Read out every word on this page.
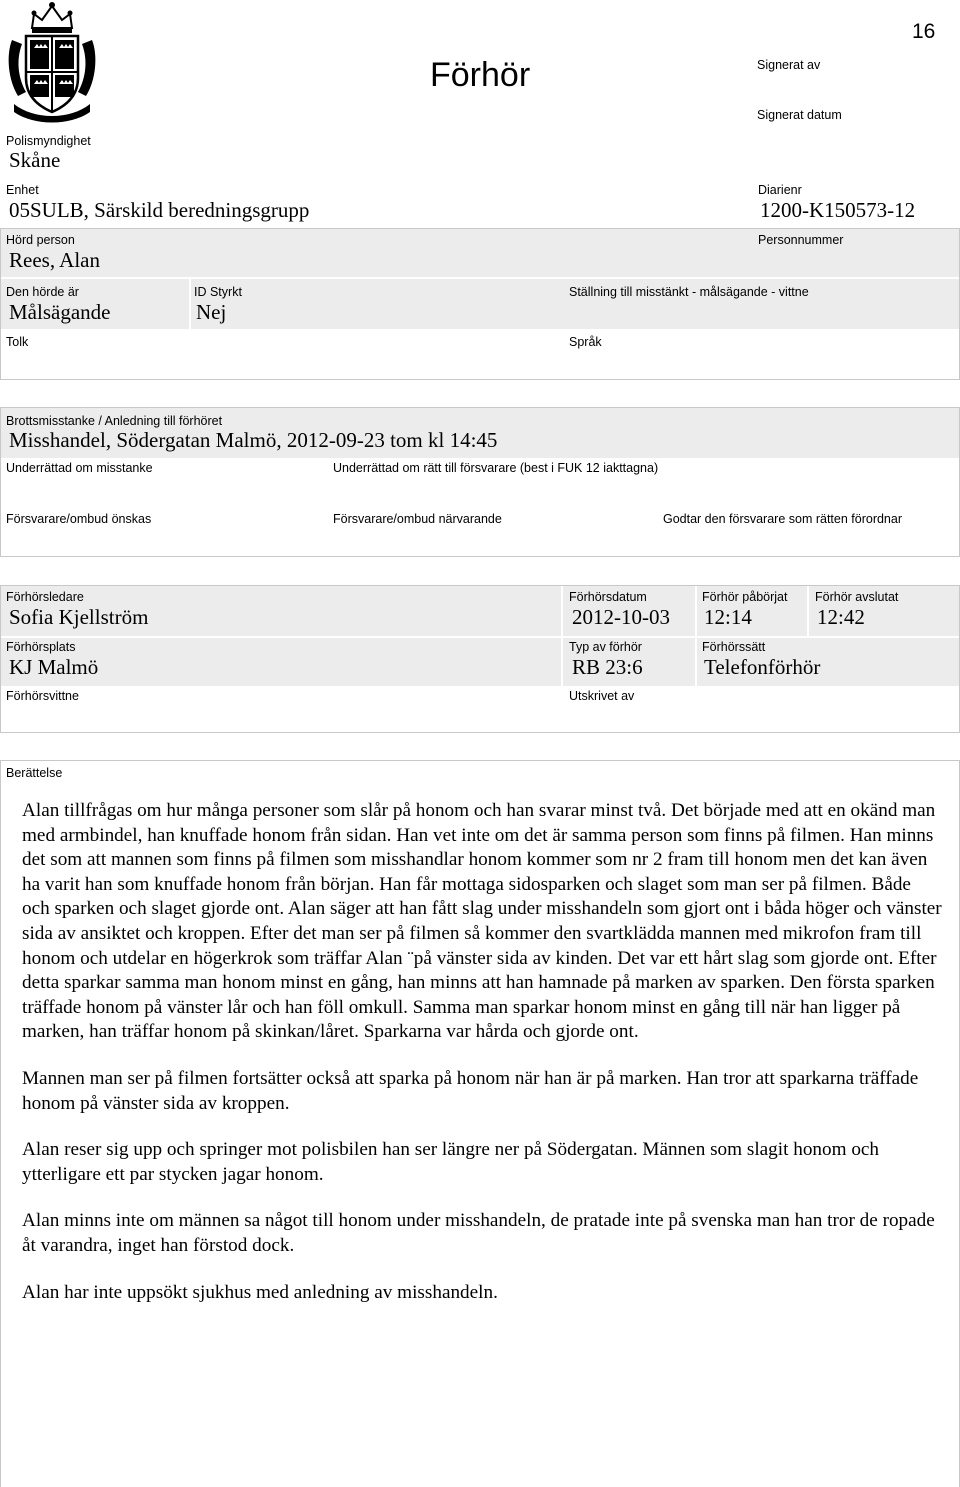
16
Förhör	Signerat av
Signerat datum
Polismyndighet
Skåne
Enhet
05SULB, Särskild beredningsgrupp
Diarienr
1200-K150573-12
Hörd person
Rees, Alan
Personnummer
Den hörde är
Målsägande
ID Styrkt
Nej
Ställning till misstänkt - målsägande - vittne
Tolk	Språk
Brottsmisstanke / Anledning till förhöret
Misshandel, Södergatan Malmö, 2012-09-23 tom kl 14:45
Underrättad om misstanke	Underrättad om rätt till försvarare (best i FUK 12 iakttagna)
Försvarare/ombud önskas	Försvarare/ombud närvarande	Godtar den försvarare som rätten förordnar
Förhörsledare
Sofia Kjellström
Förhörsdatum
2012-10-03
Förhör påbörjat
12:14
Förhör avslutat
12:42
Förhörsplats
KJ Malmö
Typ av förhör
RB 23:6
Förhörssätt
Telefonförhör
Förhörsvittne	Utskrivet av
Berättelse

Alan tillfrågas om hur många personer som slår på honom och han svarar minst två. Det började med att en okänd man med armbindel, han knuffade honom från sidan. Han vet inte om det är samma person som finns på filmen. Han minns det som att mannen som finns på filmen som misshandlar honom kommer som nr 2 fram till honom men det kan även ha varit han som knuffade honom från början. Han får mottaga sidosparken och slaget som man ser på filmen. Både och sparken och slaget gjorde ont. Alan säger att han fått slag under misshandeln som gjort ont i båda höger och vänster sida av ansiktet och kroppen. Efter det man ser på filmen så kommer den svartklädda mannen med mikrofon fram till honom och utdelar en högerkrok som träffar Alan ¨på vänster sida av kinden. Det var ett hårt slag som gjorde ont. Efter detta sparkar samma man honom minst en gång, han minns att han hamnade på marken av sparken. Den första sparken träffade honom på vänster lår och han föll omkull. Samma man sparkar honom minst en gång till när han ligger på marken, han träffar honom på skinkan/låret. Sparkarna var hårda och gjorde ont.

Mannen man ser på filmen fortsätter också att sparka på honom när han är på marken. Han tror att sparkarna träffade honom på vänster sida av kroppen.

Alan reser sig upp och springer mot polisbilen han ser längre ner på Södergatan. Männen som slagit honom och ytterligare ett par stycken jagar honom.

Alan minns inte om männen sa något till honom under misshandeln, de pratade inte på svenska man han tror de ropade åt varandra, inget han förstod dock.

Alan har inte uppsökt sjukhus med anledning av misshandeln.
